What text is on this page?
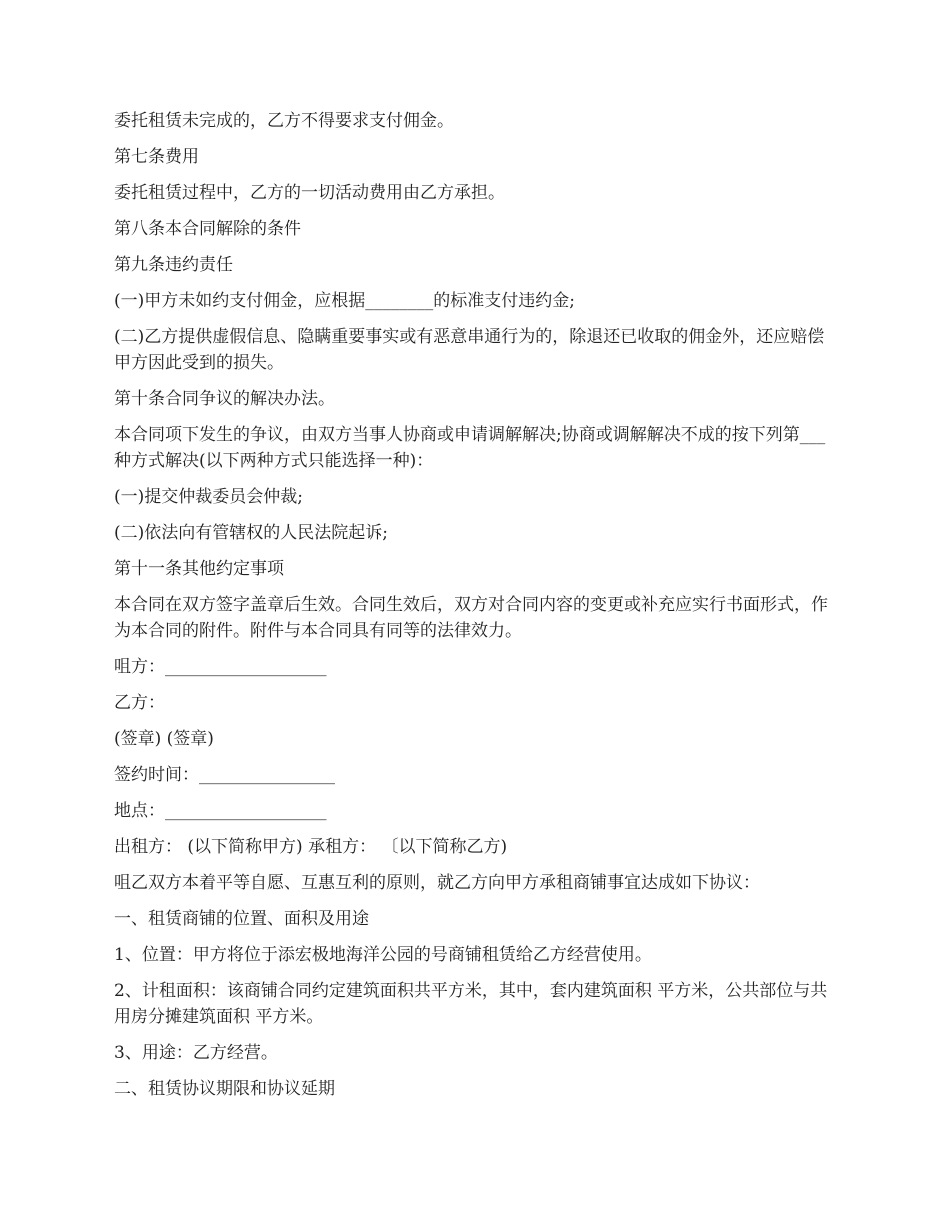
委托租赁未完成的，乙方不得要求支付佣金。

第七条费用

委托租赁过程中，乙方的一切活动费用由乙方承担。

第八条本合同解除的条件

第九条违约责任

(一)甲方未如约支付佣金，应根据________的标准支付违约金;

(二)乙方提供虚假信息、隐瞒重要事实或有恶意串通行为的，除退还已收取的佣金外，还应赔偿甲方因此受到的损失。

第十条合同争议的解决办法。

本合同项下发生的争议，由双方当事人协商或申请调解解决;协商或调解解决不成的按下列第___种方式解决(以下两种方式只能选择一种)：

(一)提交仲裁委员会仲裁;

(二)依法向有管辖权的人民法院起诉;

第十一条其他约定事项

本合同在双方签字盖章后生效。合同生效后，双方对合同内容的变更或补充应实行书面形式，作为本合同的附件。附件与本合同具有同等的法律效力。

咀方：___________________

乙方：

(签章) (签章)

签约时间：________________

地点：___________________

出租方： (以下简称甲方) 承租方： 〔以下简称乙方)

咀乙双方本着平等自愿、互惠互利的原则，就乙方向甲方承租商铺事宜达成如下协议：

一、租赁商铺的位置、面积及用途

1、位置：甲方将位于添宏极地海洋公园的号商铺租赁给乙方经营使用。

2、计租面积：该商铺合同约定建筑面积共平方米，其中，套内建筑面积 平方米，公共部位与共用房分摊建筑面积 平方米。

3、用途：乙方经营。

二、租赁协议期限和协议延期
